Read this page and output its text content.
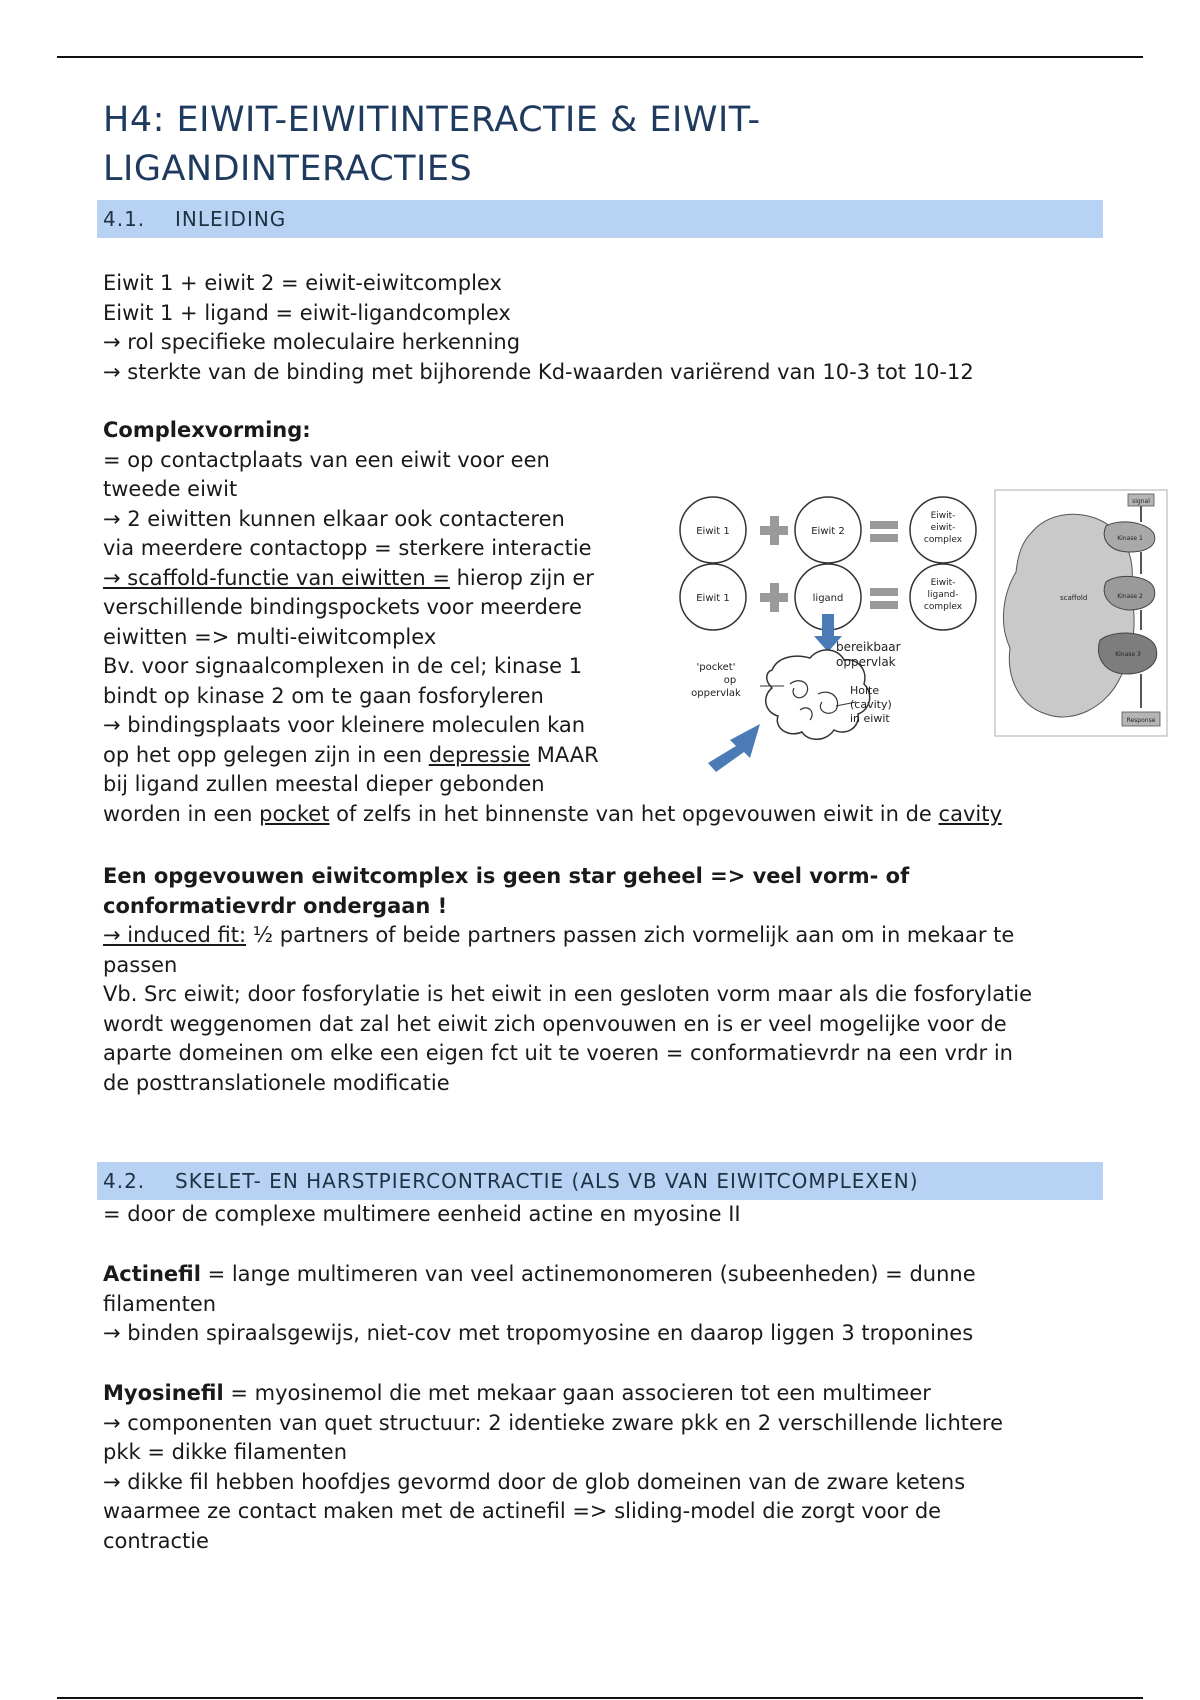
H4: EIWIT-EIWITINTERACTIE & EIWIT-
LIGANDINTERACTIES
4.1.	INLEIDING
Eiwit 1 + eiwit 2 = eiwit-eiwitcomplex
Eiwit 1 + ligand = eiwit-ligandcomplex
→ rol specifieke moleculaire herkenning
→ sterkte van de binding met bijhorende Kd-waarden variërend van 10-3 tot 10-12
Complexvorming:
= op contactplaats van een eiwit voor een
tweede eiwit
→ 2 eiwitten kunnen elkaar ook contacteren
via meerdere contactopp = sterkere interactie
→ scaffold-functie van eiwitten = hierop zijn er
verschillende bindingspockets voor meerdere
eiwitten => multi-eiwitcomplex
Bv. voor signaalcomplexen in de cel; kinase 1
bindt op kinase 2 om te gaan fosforyleren
→ bindingsplaats voor kleinere moleculen kan
op het opp gelegen zijn in een depressie MAAR
bij ligand zullen meestal dieper gebonden
worden in een pocket of zelfs in het binnenste van het opgevouwen eiwit in de cavity
Eiwit 1	Eiwit 2
Eiwit-
eiwit-
complex
Eiwit 1	ligand
Eiwit-
ligand-
complex
bereikbaar
oppervlak
'pocket'
op
oppervlak	Holte
(cavity)
in eiwit
scaffold
signal
Kinase 1
Kinase 2
Kinase 3
Response
Een opgevouwen eiwitcomplex is geen star geheel => veel vorm- of
conformatievrdr ondergaan !
→ induced fit: ½ partners of beide partners passen zich vormelijk aan om in mekaar te
passen
Vb. Src eiwit; door fosforylatie is het eiwit in een gesloten vorm maar als die fosforylatie
wordt weggenomen dat zal het eiwit zich openvouwen en is er veel mogelijke voor de
aparte domeinen om elke een eigen fct uit te voeren = conformatievrdr na een vrdr in
de posttranslationele modificatie
4.2.	SKELET- EN HARSTPIERCONTRACTIE (ALS VB VAN EIWITCOMPLEXEN)
= door de complexe multimere eenheid actine en myosine II
Actinefil = lange multimeren van veel actinemonomeren (subeenheden) = dunne
filamenten
→ binden spiraalsgewijs, niet-cov met tropomyosine en daarop liggen 3 troponines
Myosinefil = myosinemol die met mekaar gaan associeren tot een multimeer
→ componenten van quet structuur: 2 identieke zware pkk en 2 verschillende lichtere
pkk = dikke filamenten
→ dikke fil hebben hoofdjes gevormd door de glob domeinen van de zware ketens
waarmee ze contact maken met de actinefil => sliding-model die zorgt voor de
contractie
